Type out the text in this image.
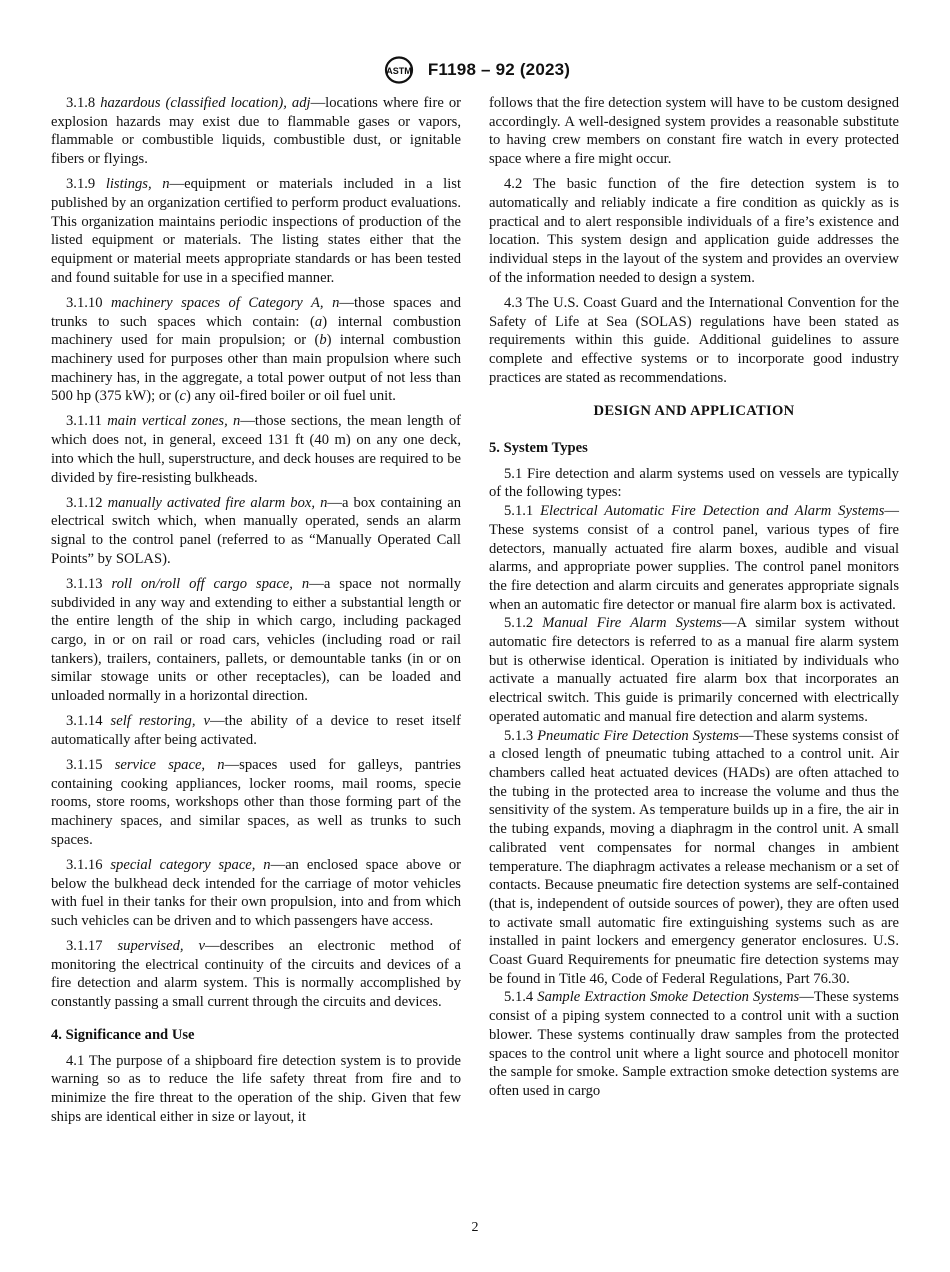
ASTM F1198 – 92 (2023)

3.1.8 hazardous (classified location), adj—locations where fire or explosion hazards may exist due to flammable gases or vapors, flammable or combustible liquids, combustible dust, or ignitable fibers or flyings.

3.1.9 listings, n—equipment or materials included in a list published by an organization certified to perform product evaluations. This organization maintains periodic inspections of production of the listed equipment or materials. The listing states either that the equipment or material meets appropriate standards or has been tested and found suitable for use in a specified manner.

3.1.10 machinery spaces of Category A, n—those spaces and trunks to such spaces which contain: (a) internal combustion machinery used for main propulsion; or (b) internal combustion machinery used for purposes other than main propulsion where such machinery has, in the aggregate, a total power output of not less than 500 hp (375 kW); or (c) any oil-fired boiler or oil fuel unit.

3.1.11 main vertical zones, n—those sections, the mean length of which does not, in general, exceed 131 ft (40 m) on any one deck, into which the hull, superstructure, and deck houses are required to be divided by fire-resisting bulkheads.

3.1.12 manually activated fire alarm box, n—a box containing an electrical switch which, when manually operated, sends an alarm signal to the control panel (referred to as “Manually Operated Call Points” by SOLAS).

3.1.13 roll on/roll off cargo space, n—a space not normally subdivided in any way and extending to either a substantial length or the entire length of the ship in which cargo, including packaged cargo, in or on rail or road cars, vehicles (including road or rail tankers), trailers, containers, pallets, or demountable tanks (in or on similar stowage units or other receptacles), can be loaded and unloaded normally in a horizontal direction.

3.1.14 self restoring, v—the ability of a device to reset itself automatically after being activated.

3.1.15 service space, n—spaces used for galleys, pantries containing cooking appliances, locker rooms, mail rooms, specie rooms, store rooms, workshops other than those forming part of the machinery spaces, and similar spaces, as well as trunks to such spaces.

3.1.16 special category space, n—an enclosed space above or below the bulkhead deck intended for the carriage of motor vehicles with fuel in their tanks for their own propulsion, into and from which such vehicles can be driven and to which passengers have access.

3.1.17 supervised, v—describes an electronic method of monitoring the electrical continuity of the circuits and devices of a fire detection and alarm system. This is normally accomplished by constantly passing a small current through the circuits and devices.

4. Significance and Use

4.1 The purpose of a shipboard fire detection system is to provide warning so as to reduce the life safety threat from fire and to minimize the fire threat to the operation of the ship. Given that few ships are identical either in size or layout, it

follows that the fire detection system will have to be custom designed accordingly. A well-designed system provides a reasonable substitute to having crew members on constant fire watch in every protected space where a fire might occur.

4.2 The basic function of the fire detection system is to automatically and reliably indicate a fire condition as quickly as is practical and to alert responsible individuals of a fire’s existence and location. This system design and application guide addresses the individual steps in the layout of the system and provides an overview of the information needed to design a system.

4.3 The U.S. Coast Guard and the International Convention for the Safety of Life at Sea (SOLAS) regulations have been stated as requirements within this guide. Additional guidelines to assure complete and effective systems or to incorporate good industry practices are stated as recommendations.

DESIGN AND APPLICATION
5. System Types

5.1 Fire detection and alarm systems used on vessels are typically of the following types:

5.1.1 Electrical Automatic Fire Detection and Alarm Systems—These systems consist of a control panel, various types of fire detectors, manually actuated fire alarm boxes, audible and visual alarms, and appropriate power supplies. The control panel monitors the fire detection and alarm circuits and generates appropriate signals when an automatic fire detector or manual fire alarm box is activated.

5.1.2 Manual Fire Alarm Systems—A similar system without automatic fire detectors is referred to as a manual fire alarm system but is otherwise identical. Operation is initiated by individuals who activate a manually actuated fire alarm box that incorporates an electrical switch. This guide is primarily concerned with electrically operated automatic and manual fire detection and alarm systems.

5.1.3 Pneumatic Fire Detection Systems—These systems consist of a closed length of pneumatic tubing attached to a control unit. Air chambers called heat actuated devices (HADs) are often attached to the tubing in the protected area to increase the volume and thus the sensitivity of the system. As temperature builds up in a fire, the air in the tubing expands, moving a diaphragm in the control unit. A small calibrated vent compensates for normal changes in ambient temperature. The diaphragm activates a release mechanism or a set of contacts. Because pneumatic fire detection systems are self-contained (that is, independent of outside sources of power), they are often used to activate small automatic fire extinguishing systems such as are installed in paint lockers and emergency generator enclosures. U.S. Coast Guard Requirements for pneumatic fire detection systems may be found in Title 46, Code of Federal Regulations, Part 76.30.

5.1.4 Sample Extraction Smoke Detection Systems—These systems consist of a piping system connected to a control unit with a suction blower. These systems continually draw samples from the protected spaces to the control unit where a light source and photocell monitor the sample for smoke. Sample extraction smoke detection systems are often used in cargo

2
